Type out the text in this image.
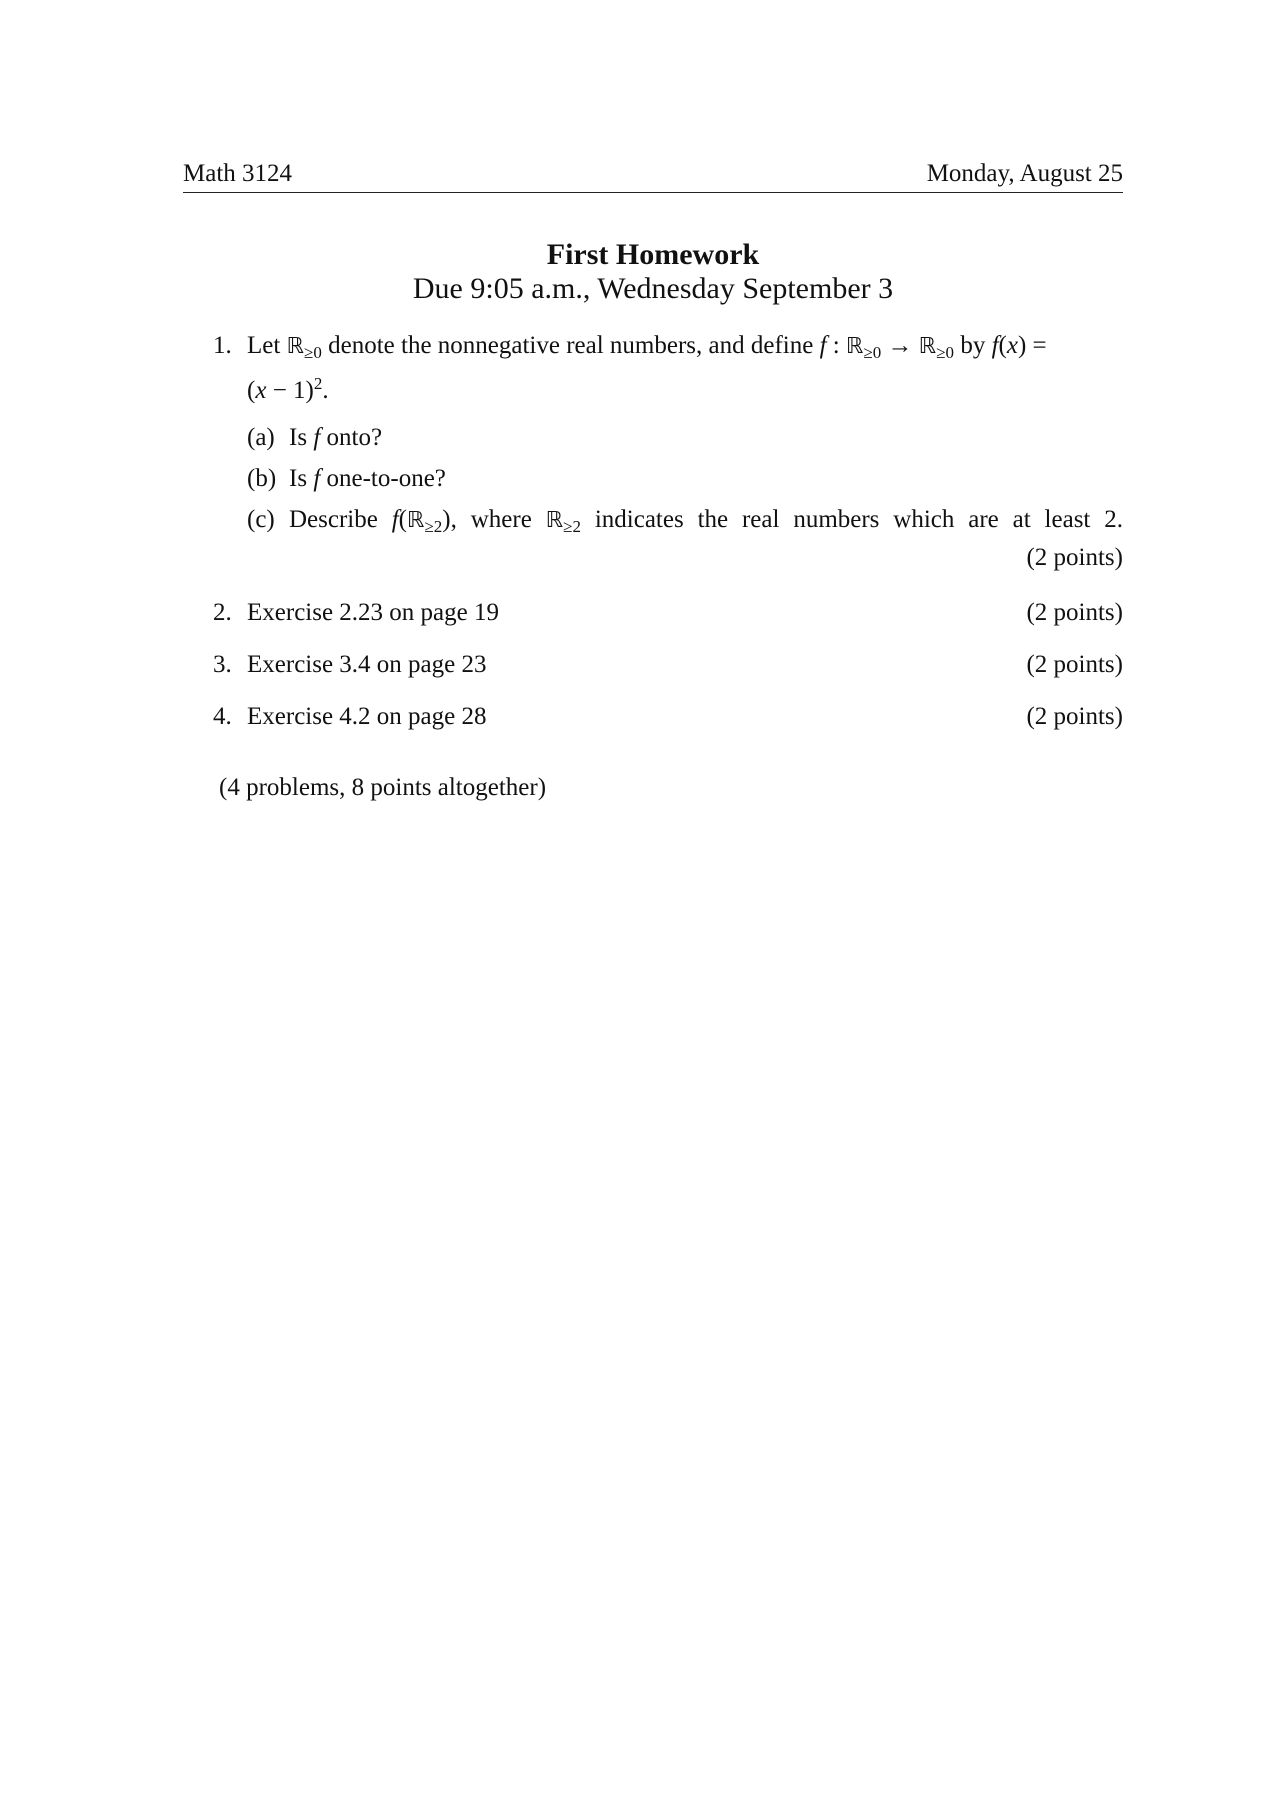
Math 3124	Monday, August 25
First Homework
Due 9:05 a.m., Wednesday September 3
1. Let ℝ$_{\ge 0}$ denote the nonnegative real numbers, and define f : ℝ$_{\ge 0}$ → ℝ$_{\ge 0}$ by f(x) =
$(x - 1)^2$.
(a) Is f onto?
(b) Is f one-to-one?
(c) Describe f(ℝ$_{\ge 2}$), where ℝ$_{\ge 2}$ indicates the real numbers which are at least 2.
(2 points)
2. Exercise 2.23 on page 19	(2 points)
3. Exercise 3.4 on page 23	(2 points)
4. Exercise 4.2 on page 28	(2 points)
(4 problems, 8 points altogether)
